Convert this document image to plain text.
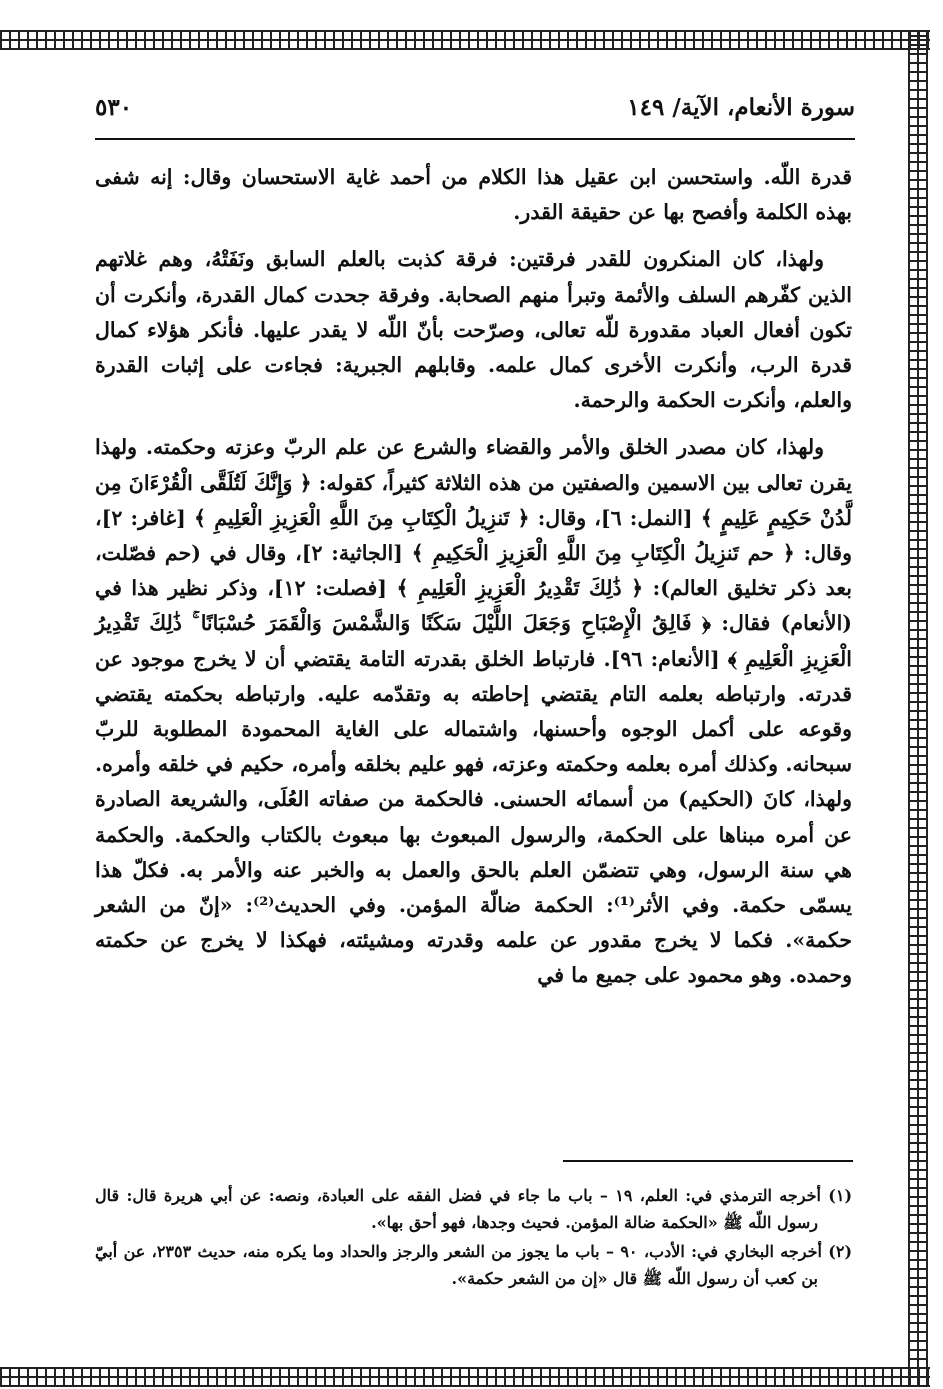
سورة الأنعام، الآية/ ١٤٩
٥٣٠

قدرة اللّه. واستحسن ابن عقيل هذا الكلام من أحمد غاية الاستحسان وقال: إنه شفى بهذه الكلمة وأفصح بها عن حقيقة القدر.

ولهذا، كان المنكرون للقدر فرقتين: فرقة كذبت بالعلم السابق ونَفَتْهُ، وهم غلاتهم الذين كفّرهم السلف والأئمة وتبرأ منهم الصحابة. وفرقة جحدت كمال القدرة، وأنكرت أن تكون أفعال العباد مقدورة للّه تعالى، وصرّحت بأنّ اللّه لا يقدر عليها. فأنكر هؤلاء كمال قدرة الرب، وأنكرت الأخرى كمال علمه. وقابلهم الجبرية: فجاءت على إثبات القدرة والعلم، وأنكرت الحكمة والرحمة.

ولهذا، كان مصدر الخلق والأمر والقضاء والشرع عن علم الربّ وعزته وحكمته. ولهذا يقرن تعالى بين الاسمين والصفتين من هذه الثلاثة كثيراً، كقوله: ﴿ وَإِنَّكَ لَتُلَقَّى الْقُرْءَانَ مِن لَّدُنْ حَكِيمٍ عَلِيمٍ ﴾ [النمل: ٦]، وقال: ﴿ تَنزِيلُ الْكِتَابِ مِنَ اللَّهِ الْعَزِيزِ الْعَلِيمِ ﴾ [غافر: ٢]، وقال: ﴿ حم تَنزِيلُ الْكِتَابِ مِنَ اللَّهِ الْعَزِيزِ الْحَكِيمِ ﴾ [الجاثية: ٢]، وقال في (حم فصّلت، بعد ذكر تخليق العالم): ﴿ ذَٰلِكَ تَقْدِيرُ الْعَزِيزِ الْعَلِيمِ ﴾ [فصلت: ١٢]، وذكر نظير هذا في (الأنعام) فقال: ﴿ فَالِقُ الْإِصْبَاحِ وَجَعَلَ اللَّيْلَ سَكَنًا وَالشَّمْسَ وَالْقَمَرَ حُسْبَانًا ۚ ذَٰلِكَ تَقْدِيرُ الْعَزِيزِ الْعَلِيمِ ﴾ [الأنعام: ٩٦]. فارتباط الخلق بقدرته التامة يقتضي أن لا يخرج موجود عن قدرته. وارتباطه بعلمه التام يقتضي إحاطته به وتقدّمه عليه. وارتباطه بحكمته يقتضي وقوعه على أكمل الوجوه وأحسنها، واشتماله على الغاية المحمودة المطلوبة للربّ سبحانه. وكذلك أمره بعلمه وحكمته وعزته، فهو عليم بخلقه وأمره، حكيم في خلقه وأمره. ولهذا، كانَ (الحكيم) من أسمائه الحسنى. فالحكمة من صفاته العُلَى، والشريعة الصادرة عن أمره مبناها على الحكمة، والرسول المبعوث بها مبعوث بالكتاب والحكمة. والحكمة هي سنة الرسول، وهي تتضمّن العلم بالحق والعمل به والخبر عنه والأمر به. فكلّ هذا يسمّى حكمة. وفي الأثر⁽¹⁾: الحكمة ضالّة المؤمن. وفي الحديث⁽²⁾: «إنّ من الشعر حكمة». فكما لا يخرج مقدور عن علمه وقدرته ومشيئته، فهكذا لا يخرج عن حكمته وحمده. وهو محمود على جميع ما في

(١) أخرجه الترمذي في: العلم، ١٩ – باب ما جاء في فضل الفقه على العبادة، ونصه: عن أبي هريرة قال: قال رسول اللّه ﷺ «الحكمة ضالة المؤمن. فحيث وجدها، فهو أحق بها».

(٢) أخرجه البخاري في: الأدب، ٩٠ – باب ما يجوز من الشعر والرجز والحداد وما يكره منه، حديث ٢٣٥٣، عن أبيّ بن كعب أن رسول اللّه ﷺ قال «إن من الشعر حكمة».
